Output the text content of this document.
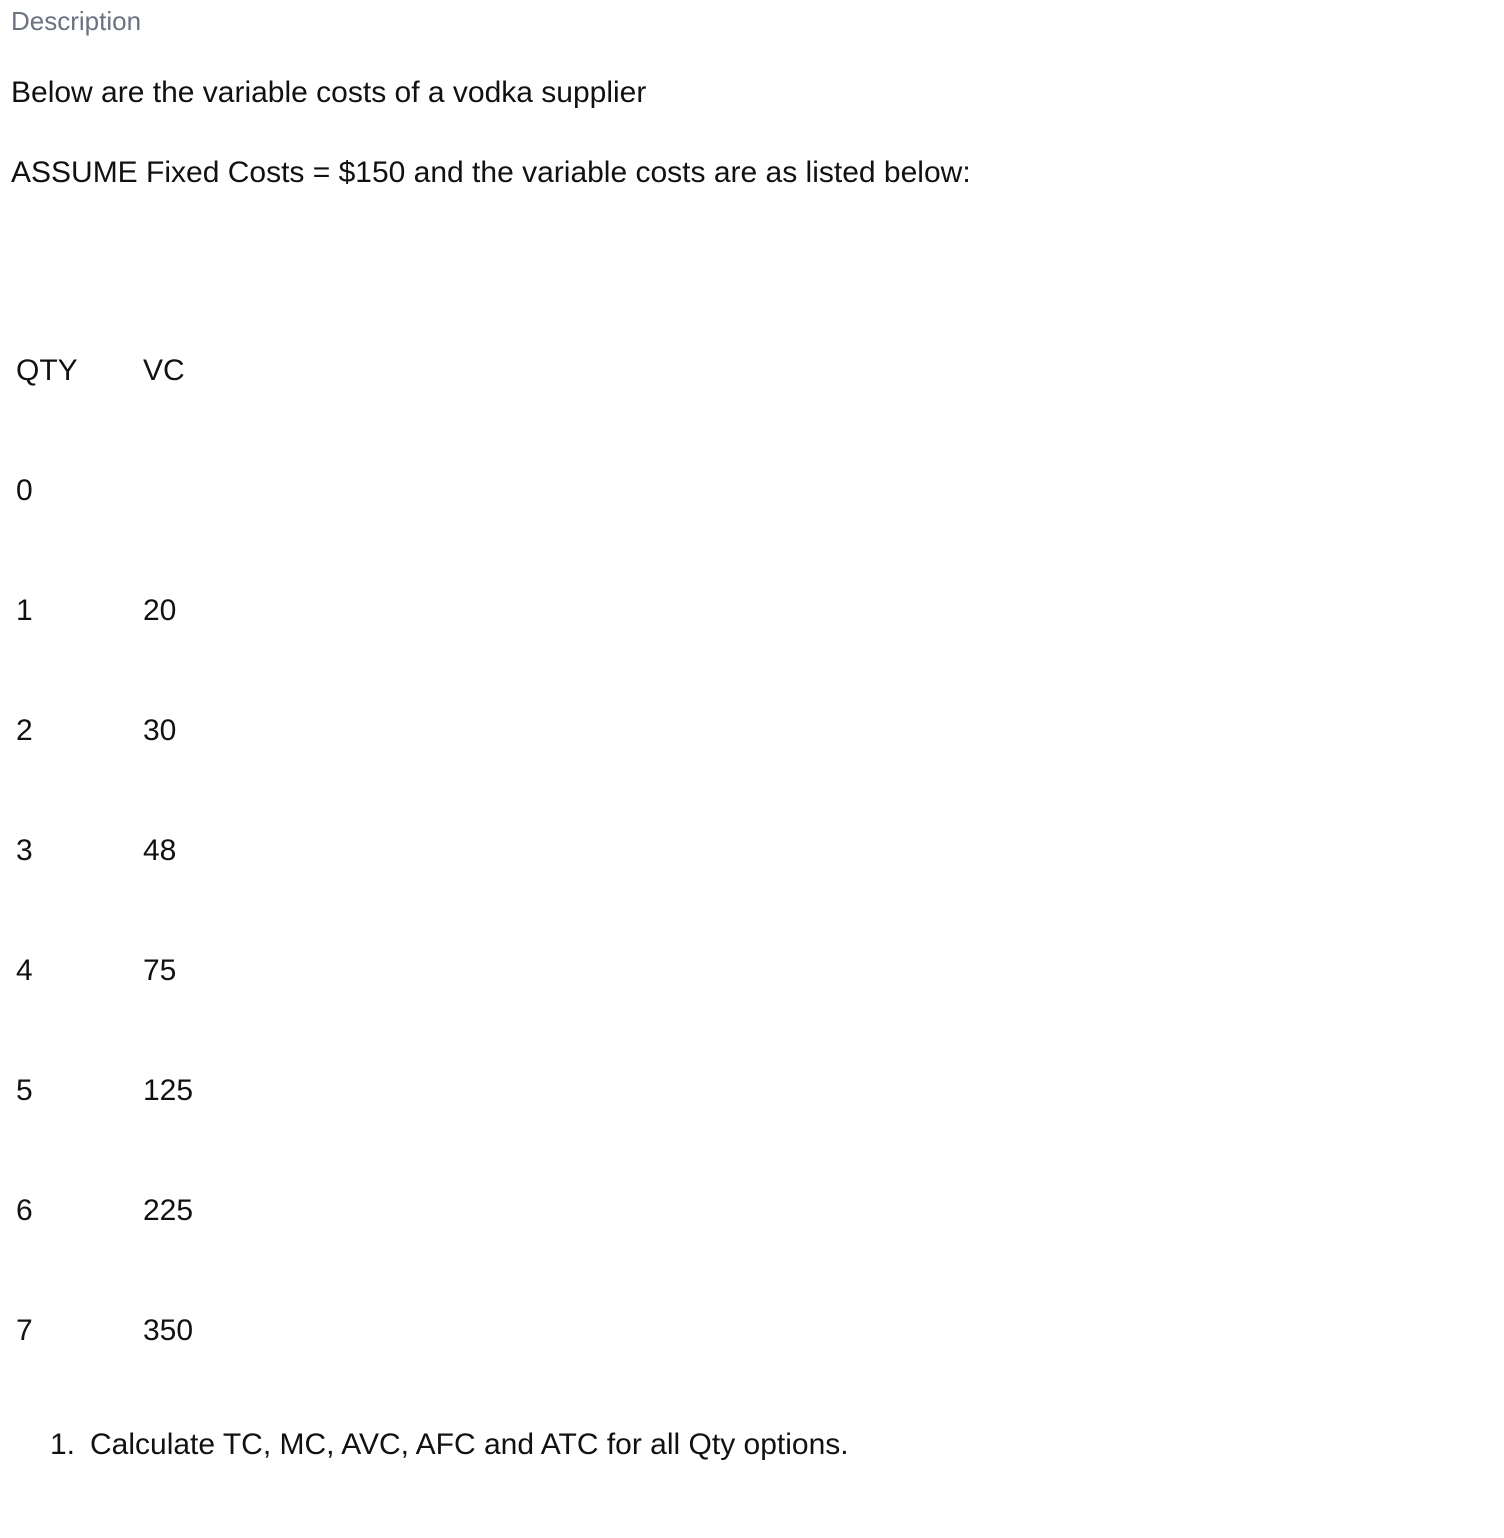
Description
Below are the variable costs of a vodka supplier
ASSUME Fixed Costs = $150 and the variable costs are as listed below:
QTY	VC
0	
1	20
2	30
3	48
4	75
5	125
6	225
7	350
1. Calculate TC, MC, AVC, AFC and ATC for all Qty options.
